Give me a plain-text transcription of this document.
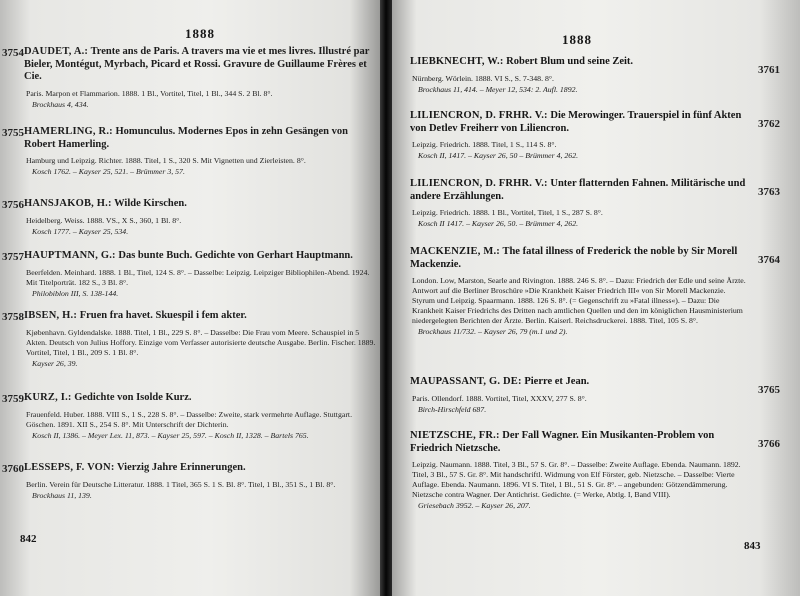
1888
3754 DAUDET, A.: Trente ans de Paris. A travers ma vie et mes livres. Illustré par Bieler, Montégut, Myrbach, Picard et Rossi. Gravure de Guillaume Frères et Cie.

Paris. Marpon et Flammarion. 1888. 1 Bl., Vortitel, Titel, 1 Bl., 344 S. 2 Bl. 8°.

Brockhaus 4, 434.

3755 HAMERLING, R.: Homunculus. Modernes Epos in zehn Gesängen von Robert Hamerling.

Hamburg und Leipzig. Richter. 1888. Titel, 1 S., 320 S. Mit Vignetten und Zierleisten. 8°.

Kosch 1762. – Kayser 25, 521. – Brümmer 3, 57.

3756 HANSJAKOB, H.: Wilde Kirschen.

Heidelberg. Weiss. 1888. VS., X S., 360, 1 Bl. 8°.

Kosch 1777. – Kayser 25, 534.

3757 HAUPTMANN, G.: Das bunte Buch. Gedichte von Gerhart Hauptmann.

Beerfelden. Meinhard. 1888. 1 Bl., Titel, 124 S. 8°. – Dasselbe: Leipzig. Leipziger Bibliophilen-Abend. 1924. Mit Titelporträt. 182 S., 3 Bl. 8°.

Philobiblon III, S. 138-144.

3758 IBSEN, H.: Fruen fra havet. Skuespil i fem akter.

Kjøbenhavn. Gyldendalske. 1888. Titel, 1 Bl., 229 S. 8°. – Dasselbe: Die Frau vom Meere. Schauspiel in 5 Akten. Deutsch von Julius Hoffory. Einzige vom Verfasser autorisierte deutsche Ausgabe. Berlin. Fischer. 1889. Vortitel, Titel, 1 Bl., 209 S. 1 Bl. 8°.

Kayser 26, 39.

3759 KURZ, I.: Gedichte von Isolde Kurz.

Frauenfeld. Huber. 1888. VIII S., 1 S., 228 S. 8°. – Dasselbe: Zweite, stark vermehrte Auflage. Stuttgart. Göschen. 1891. XII S., 254 S. 8°. Mit Unterschrift der Dichterin.

Kosch II, 1386. – Meyer Lex. 11, 873. – Kayser 25, 597. – Kosch II, 1328. – Bartels 765.

3760 LESSEPS, F. VON: Vierzig Jahre Erinnerungen.

Berlin. Verein für Deutsche Litteratur. 1888. 1 Titel, 365 S. 1 S. Bl. 8°. Titel, 1 Bl., 351 S., 1 Bl. 8°.

Brockhaus 11, 139.

842
1888
3761

LIEBKNECHT, W.: Robert Blum und seine Zeit.

Nürnberg. Wörlein. 1888. VI S., S. 7-348. 8°.

Brockhaus 11, 414. – Meyer 12, 534: 2. Aufl. 1892.

3762

LILIENCRON, D. FRHR. V.: Die Merowinger. Trauerspiel in fünf Akten von Detlev Freiherr von Liliencron.

Leipzig. Friedrich. 1888. Titel, 1 S., 114 S. 8°.

Kosch II, 1417. – Kayser 26, 50 – Brümmer 4, 262.

3763

LILIENCRON, D. FRHR. V.: Unter flatternden Fahnen. Militärische und andere Erzählungen.

Leipzig. Friedrich. 1888. 1 Bl., Vortitel, Titel, 1 S., 287 S. 8°.

Kosch II 1417. – Kayser 26, 50. – Brümmer 4, 262.

3764

MACKENZIE, M.: The fatal illness of Frederick the noble by Sir Morell Mackenzie.

London. Low, Marston, Searle and Rivington. 1888. 246 S. 8°. – Dazu: Friedrich der Edle und seine Ärzte. Antwort auf die Berliner Broschüre »Die Krankheit Kaiser Friedrich III« von Sir Morell Mackenzie. Styrum und Leipzig. Spaarmann. 1888. 126 S. 8°. (= Gegenschrift zu »Fatal illness«). – Dazu: Die Krankheit Kaiser Friedrichs des Dritten nach amtlichen Quellen und den im königlichen Hausministerium niedergelegten Berichten der Ärzte. Berlin. Kaiserl. Reichsdruckerei. 1888. Titel, 105 S. 8°.

Brockhaus 11/732. – Kayser 26, 79 (m.1 und 2).

3765

MAUPASSANT, G. DE: Pierre et Jean.

Paris. Ollendorf. 1888. Vortitel, Titel, XXXV, 277 S. 8°.

Birch-Hirschfeld 687.

3766

NIETZSCHE, FR.: Der Fall Wagner. Ein Musikanten-Problem von Friedrich Nietzsche.

Leipzig. Naumann. 1888. Titel, 3 Bl., 57 S. Gr. 8°. – Dasselbe: Zweite Auflage. Ebenda. Naumann. 1892. Titel, 3 Bl., 57 S. Gr. 8°. Mit handschriftl. Widmung von Elf Förster, geb. Nietzsche. – Dasselbe: Vierte Auflage. Ebenda. Naumann. 1896. VI S. Titel, 1 Bl., 51 S. Gr. 8°. – angebunden: Götzendämmerung. Nietzsche contra Wagner. Der Antichrist. Gedichte. (= Werke, Abtlg. I, Band VIII).

Griesebach 3952. – Kayser 26, 207.

843
